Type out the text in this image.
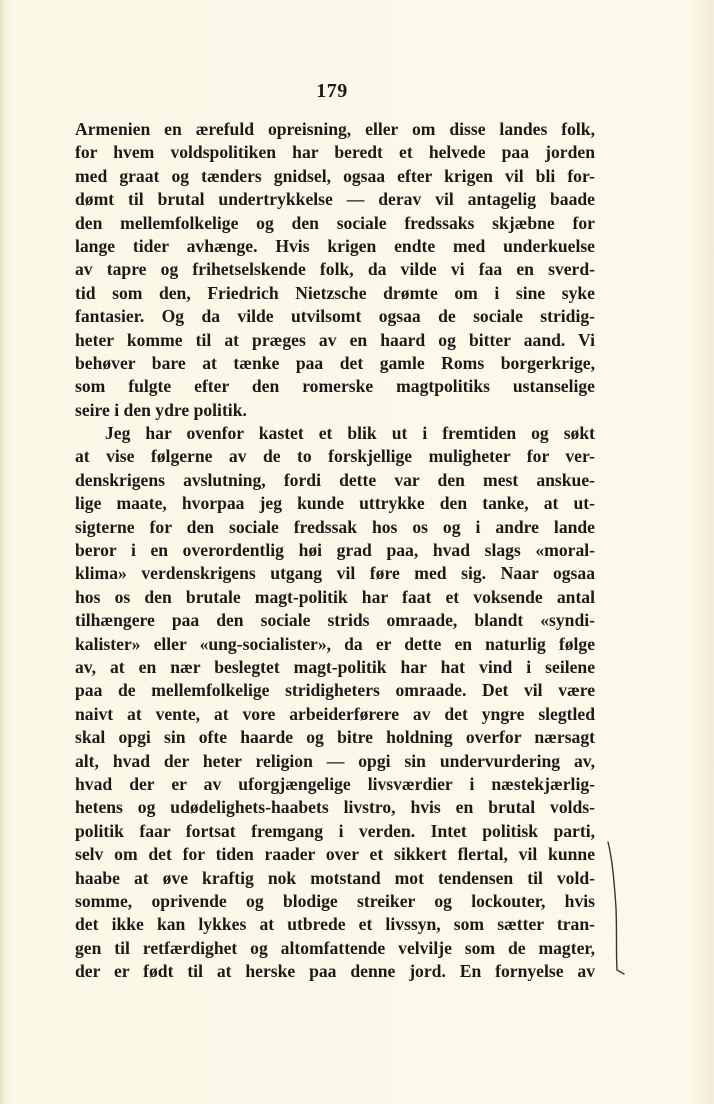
179
Armenien en ærefuld opreisning, eller om disse landes folk,
for hvem voldspolitiken har beredt et helvede paa jorden
med graat og tænders gnidsel, ogsaa efter krigen vil bli for-
dømt til brutal undertrykkelse — derav vil antagelig baade
den mellemfolkelige og den sociale fredssaks skjæbne for
lange tider avhænge. Hvis krigen endte med underkuelse
av tapre og frihetselskende folk, da vilde vi faa en sverd-
tid som den, Friedrich Nietzsche drømte om i sine syke
fantasier. Og da vilde utvilsomt ogsaa de sociale stridig-
heter komme til at præges av en haard og bitter aand. Vi
behøver bare at tænke paa det gamle Roms borgerkrige,
som fulgte efter den romerske magtpolitiks ustanselige
seire i den ydre politik.
Jeg har ovenfor kastet et blik ut i fremtiden og søkt
at vise følgerne av de to forskjellige muligheter for ver-
denskrigens avslutning, fordi dette var den mest anskue-
lige maate, hvorpaa jeg kunde uttrykke den tanke, at ut-
sigterne for den sociale fredssak hos os og i andre lande
beror i en overordentlig høi grad paa, hvad slags «moral-
klima» verdenskrigens utgang vil føre med sig. Naar ogsaa
hos os den brutale magt-politik har faat et voksende antal
tilhængere paa den sociale strids omraade, blandt «syndi-
kalister» eller «ung-socialister», da er dette en naturlig følge
av, at en nær beslegtet magt-politik har hat vind i seilene
paa de mellemfolkelige stridigheters omraade. Det vil være
naivt at vente, at vore arbeiderførere av det yngre slegtled
skal opgi sin ofte haarde og bitre holdning overfor nærsagt
alt, hvad der heter religion — opgi sin undervurdering av,
hvad der er av uforgjængelige livsværdier i næstekjærlig-
hetens og udødelighets-haabets livstro, hvis en brutal volds-
politik faar fortsat fremgang i verden. Intet politisk parti,
selv om det for tiden raader over et sikkert flertal, vil kunne
haabe at øve kraftig nok motstand mot tendensen til vold-
somme, oprivende og blodige streiker og lockouter, hvis
det ikke kan lykkes at utbrede et livssyn, som sætter tran-
gen til retfærdighet og altomfattende velvilje som de magter,
der er født til at herske paa denne jord. En fornyelse av
